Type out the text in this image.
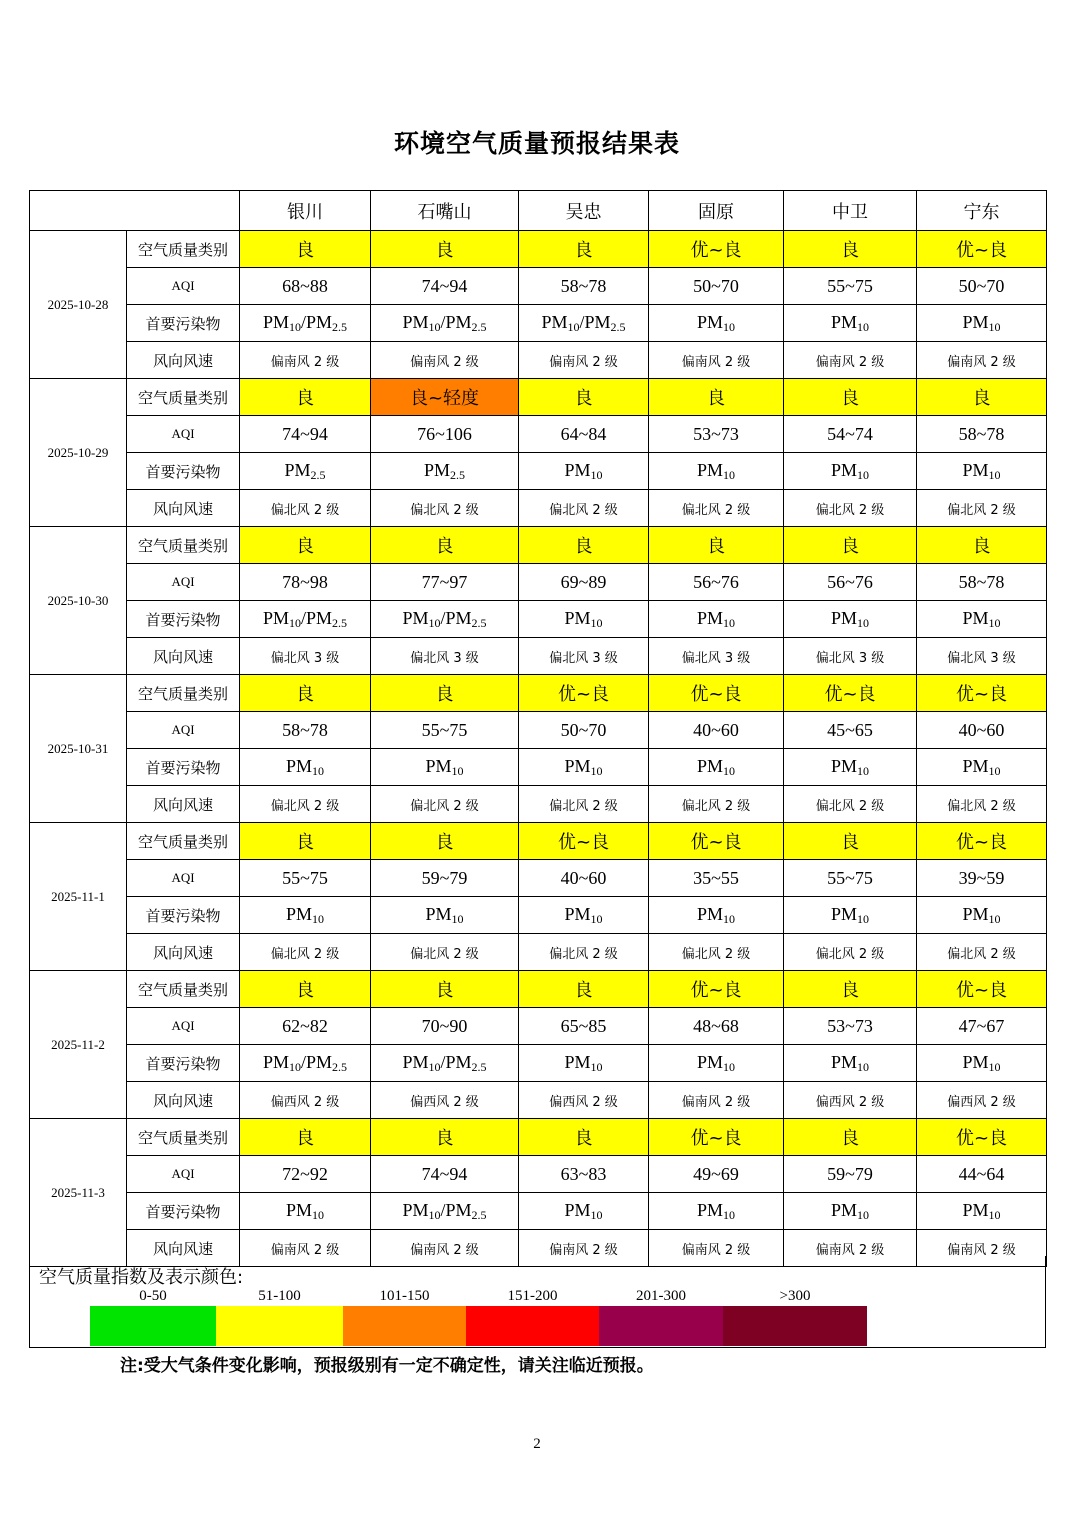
环境空气质量预报结果表
		银川	石嘴山	吴忠	固原	中卫	宁东
2025-10-28	空气质量类别	良	良	良	优~良	良	优~良
	AQI	68~88	74~94	58~78	50~70	55~75	50~70
	首要污染物	$PM_{10}/PM_{2.5}$	$PM_{10}/PM_{2.5}$	$PM_{10}/PM_{2.5}$	$PM_{10}$	$PM_{10}$	$PM_{10}$
	风向风速	偏南风 2 级	偏南风 2 级	偏南风 2 级	偏南风 2 级	偏南风 2 级	偏南风 2 级
2025-10-29	空气质量类别	良	良~轻度	良	良	良	良
	AQI	74~94	76~106	64~84	53~73	54~74	58~78
	首要污染物	$PM_{2.5}$	$PM_{2.5}$	$PM_{10}$	$PM_{10}$	$PM_{10}$	$PM_{10}$
	风向风速	偏北风 2 级	偏北风 2 级	偏北风 2 级	偏北风 2 级	偏北风 2 级	偏北风 2 级
2025-10-30	空气质量类别	良	良	良	良	良	良
	AQI	78~98	77~97	69~89	56~76	56~76	58~78
	首要污染物	$PM_{10}/PM_{2.5}$	$PM_{10}/PM_{2.5}$	$PM_{10}$	$PM_{10}$	$PM_{10}$	$PM_{10}$
	风向风速	偏北风 3 级	偏北风 3 级	偏北风 3 级	偏北风 3 级	偏北风 3 级	偏北风 3 级
2025-10-31	空气质量类别	良	良	优~良	优~良	优~良	优~良
	AQI	58~78	55~75	50~70	40~60	45~65	40~60
	首要污染物	$PM_{10}$	$PM_{10}$	$PM_{10}$	$PM_{10}$	$PM_{10}$	$PM_{10}$
	风向风速	偏北风 2 级	偏北风 2 级	偏北风 2 级	偏北风 2 级	偏北风 2 级	偏北风 2 级
2025-11-1	空气质量类别	良	良	优~良	优~良	良	优~良
	AQI	55~75	59~79	40~60	35~55	55~75	39~59
	首要污染物	$PM_{10}$	$PM_{10}$	$PM_{10}$	$PM_{10}$	$PM_{10}$	$PM_{10}$
	风向风速	偏北风 2 级	偏北风 2 级	偏北风 2 级	偏北风 2 级	偏北风 2 级	偏北风 2 级
2025-11-2	空气质量类别	良	良	良	优~良	良	优~良
	AQI	62~82	70~90	65~85	48~68	53~73	47~67
	首要污染物	$PM_{10}/PM_{2.5}$	$PM_{10}/PM_{2.5}$	$PM_{10}$	$PM_{10}$	$PM_{10}$	$PM_{10}$
	风向风速	偏西风 2 级	偏西风 2 级	偏西风 2 级	偏南风 2 级	偏西风 2 级	偏西风 2 级
2025-11-3	空气质量类别	良	良	良	优~良	良	优~良
	AQI	72~92	74~94	63~83	49~69	59~79	44~64
	首要污染物	$PM_{10}$	$PM_{10}/PM_{2.5}$	$PM_{10}$	$PM_{10}$	$PM_{10}$	$PM_{10}$
	风向风速	偏南风 2 级	偏南风 2 级	偏南风 2 级	偏南风 2 级	偏南风 2 级	偏南风 2 级
空气质量指数及表示颜色:
0-50	51-100	101-150	151-200	201-300	>300
注:受大气条件变化影响，预报级别有一定不确定性，请关注临近预报。
2
